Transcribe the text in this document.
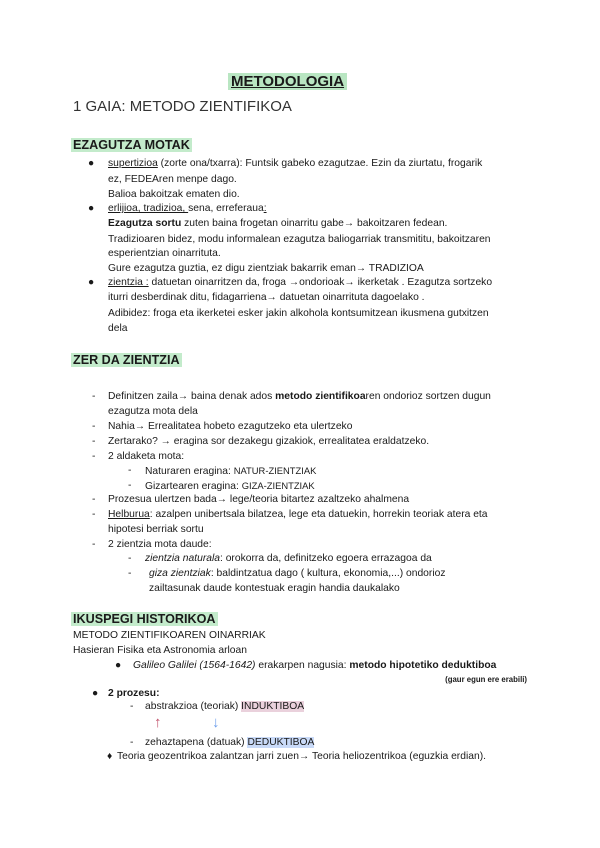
METODOLOGIA
1 GAIA: METODO ZIENTIFIKOA
EZAGUTZA MOTAK
● supertizioa (zorte ona/txarra): Funtsik gabeko ezagutzae. Ezin da ziurtatu, frogarik
ez, FEDEAren menpe dago.
Balioa bakoitzak ematen dio.
● erlijioa, tradizioa, sena, erreferaua:
Ezagutza sortu zuten baina frogetan oinarritu gabe→ bakoitzaren fedean.
Tradizioaren bidez, modu informalean ezagutza baliogarriak transmititu, bakoitzaren
esperientzian oinarrituta.
Gure ezagutza guztia, ez digu zientziak bakarrik eman→ TRADIZIOA
● zientzia : datuetan oinarritzen da, froga →ondorioak→ ikerketak . Ezagutza sortzeko
iturri desberdinak ditu, fidagarriena→ datuetan oinarrituta dagoelako .
Adibidez: froga eta ikerketei esker jakin alkohola kontsumitzean ikusmena gutxitzen
dela
ZER DA ZIENTZIA
- Definitzen zaila→ baina denak ados metodo zientifikoaren ondorioz sortzen dugun
ezagutza mota dela
- Nahia→ Errealitatea hobeto ezagutzeko eta ulertzeko
- Zertarako? → eragina sor dezakegu gizakiok, errealitatea eraldatzeko.
- 2 aldaketa mota:
- Naturaren eragina: NATUR-ZIENTZIAK
- Gizartearen eragina: GIZA-ZIENTZIAK
- Prozesua ulertzen bada→ lege/teoria bitartez azaltzeko ahalmena
- Helburua: azalpen unibertsala bilatzea, lege eta datuekin, horrekin teoriak atera eta
hipotesi berriak sortu
- 2 zientzia mota daude:
- zientzia naturala: orokorra da, definitzeko egoera errazagoa da
- giza zientziak: baldintzatua dago ( kultura, ekonomia,...) ondorioz
zailtasunak daude kontestuak eragin handia daukalako
IKUSPEGI HISTORIKOA
METODO ZIENTIFIKOAREN OINARRIAK
Hasieran Fisika eta Astronomia arloan
● Galileo Galilei (1564-1642) erakarpen nagusia: metodo hipotetiko deduktiboa
(gaur egun ere erabili)
● 2 prozesu:
- abstrakzioa (teoriak) INDUKTIBOA
↑	↓
- zehaztapena (datuak) DEDUKTIBOA
♦ Teoria geozentrikoa zalantzan jarri zuen→ Teoria heliozentrikoa (eguzkia erdian).
